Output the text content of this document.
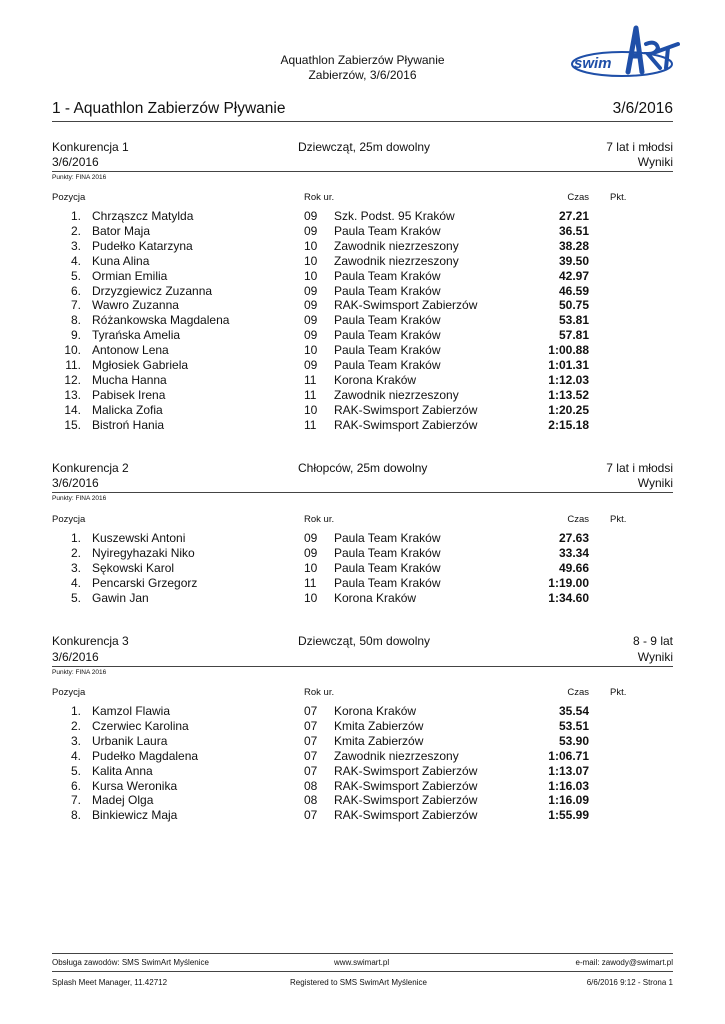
Aquathlon Zabierzów Pływanie
Zabierzów, 3/6/2016
swim
1 - Aquathlon Zabierzów Pływanie	3/6/2016
Konkurencja 1	Dziewcząt, 25m dowolny	7 lat i młodsi
3/6/2016	Wyniki
Punkty: FINA 2016
Pozycja	Rok ur.	Czas Pkt.
1. Chrząszcz Matylda	09 Szk. Podst. 95 Kraków	27.21
2. Bator Maja	09 Paula Team Kraków	36.51
3. Pudełko Katarzyna	10 Zawodnik niezrzeszony	38.28
4. Kuna Alina	10 Zawodnik niezrzeszony	39.50
5. Ormian Emilia	10 Paula Team Kraków	42.97
6. Drzyzgiewicz Zuzanna	09 Paula Team Kraków	46.59
7. Wawro Zuzanna	09 RAK-Swimsport Zabierzów	50.75
8. Różankowska Magdalena	09 Paula Team Kraków	53.81
9. Tyrańska Amelia	09 Paula Team Kraków	57.81
10. Antonow Lena	10 Paula Team Kraków	1:00.88
11. Mgłosiek Gabriela	09 Paula Team Kraków	1:01.31
12. Mucha Hanna	11 Korona Kraków	1:12.03
13. Pabisek Irena	11 Zawodnik niezrzeszony	1:13.52
14. Malicka Zofia	10 RAK-Swimsport Zabierzów	1:20.25
15. Bistroń Hania	11 RAK-Swimsport Zabierzów	2:15.18
Konkurencja 2	Chłopców, 25m dowolny	7 lat i młodsi
3/6/2016	Wyniki
Punkty: FINA 2016
Pozycja	Rok ur.	Czas Pkt.
1. Kuszewski Antoni	09 Paula Team Kraków	27.63
2. Nyiregyhazaki Niko	09 Paula Team Kraków	33.34
3. Sękowski Karol	10 Paula Team Kraków	49.66
4. Pencarski Grzegorz	11 Paula Team Kraków	1:19.00
5. Gawin Jan	10 Korona Kraków	1:34.60
Konkurencja 3	Dziewcząt, 50m dowolny	8 - 9 lat
3/6/2016	Wyniki
Punkty: FINA 2016
Pozycja	Rok ur.	Czas Pkt.
1. Kamzol Flawia	07 Korona Kraków	35.54
2. Czerwiec Karolina	07 Kmita Zabierzów	53.51
3. Urbanik Laura	07 Kmita Zabierzów	53.90
4. Pudełko Magdalena	07 Zawodnik niezrzeszony	1:06.71
5. Kalita Anna	07 RAK-Swimsport Zabierzów	1:13.07
6. Kursa Weronika	08 RAK-Swimsport Zabierzów	1:16.03
7. Madej Olga	08 RAK-Swimsport Zabierzów	1:16.09
8. Binkiewicz Maja	07 RAK-Swimsport Zabierzów	1:55.99
Obsługa zawodów: SMS SwimArt Myślenice	www.swimart.pl	e-mail: zawody@swimart.pl
Splash Meet Manager, 11.42712	Registered to SMS SwimArt Myślenice	6/6/2016 9:12 - Strona 1
